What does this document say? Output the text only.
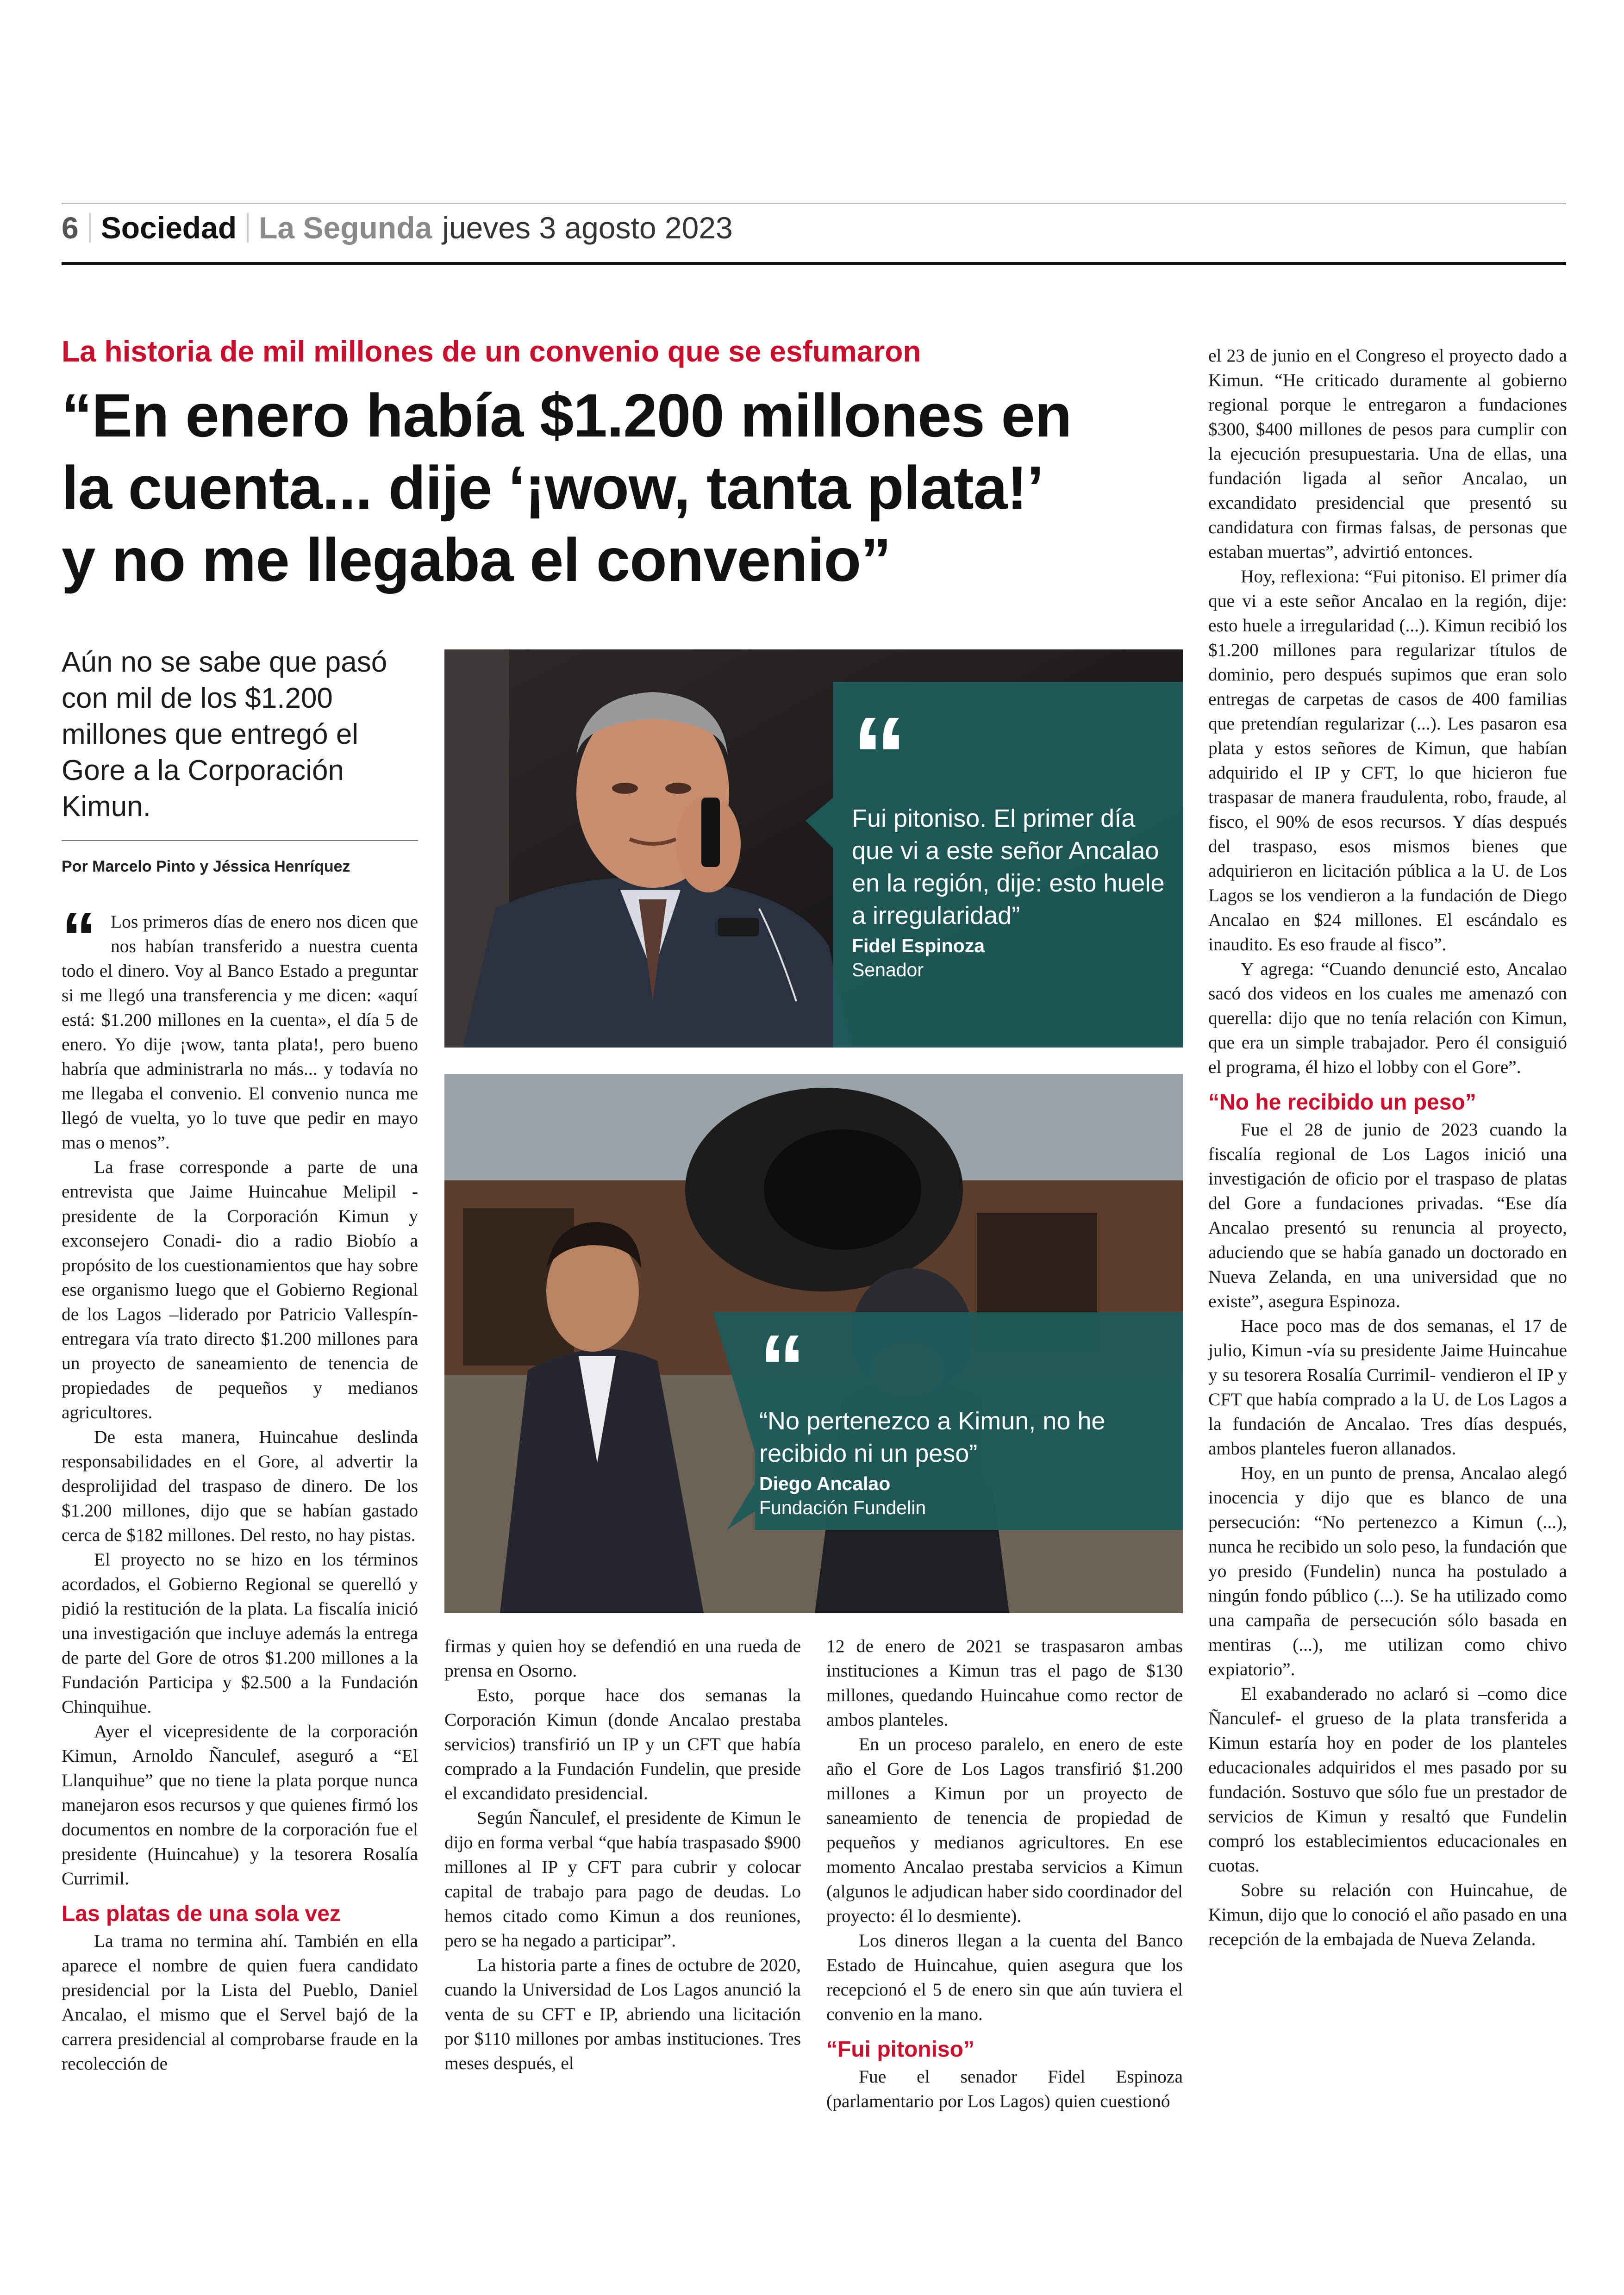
6 Sociedad La Segunda jueves 3 agosto 2023
La historia de mil millones de un convenio que se esfumaron
“En enero había $1.200 millones en
la cuenta... dije ‘¡wow, tanta plata!’
y no me llegaba el convenio”
Aún no se sabe que pasó con mil de los $1.200 millones que entregó el Gore a la Corporación Kimun.
Por Marcelo Pinto y Jéssica Henríquez
“ Los primeros días de enero nos dicen que nos habían transferido a nuestra cuenta todo el dinero. Voy al Banco Estado a preguntar si me llegó una transferencia y me dicen: «aquí está: $1.200 millones en la cuenta», el día 5 de enero. Yo dije ¡wow, tanta plata!, pero bueno habría que administrarla no más... y todavía no me llegaba el convenio. El convenio nunca me llegó de vuelta, yo lo tuve que pedir en mayo mas o menos”.

La frase corresponde a parte de una entrevista que Jaime Huincahue Melipil -presidente de la Corporación Kimun y exconsejero Conadi- dio a radio Biobío a propósito de los cuestionamientos que hay sobre ese organismo luego que el Gobierno Regional de los Lagos –liderado por Patricio Vallespín- entregara vía trato directo $1.200 millones para un proyecto de saneamiento de tenencia de propiedades de pequeños y medianos agricultores.

De esta manera, Huincahue deslinda responsabilidades en el Gore, al advertir la desprolijidad del traspaso de dinero. De los $1.200 millones, dijo que se habían gastado cerca de $182 millones. Del resto, no hay pistas.

El proyecto no se hizo en los términos acordados, el Gobierno Regional se querelló y pidió la restitución de la plata. La fiscalía inició una investigación que incluye además la entrega de parte del Gore de otros $1.200 millones a la Fundación Participa y $2.500 a la Fundación Chinquihue.

Ayer el vicepresidente de la corporación Kimun, Arnoldo Ñanculef, aseguró a “El Llanquihue” que no tiene la plata porque nunca manejaron esos recursos y que quienes firmó los documentos en nombre de la corporación fue el presidente (Huincahue) y la tesorera Rosalía Currimil.

Las platas de una sola vez

La trama no termina ahí. También en ella aparece el nombre de quien fuera candidato presidencial por la Lista del Pueblo, Daniel Ancalao, el mismo que el Servel bajó de la carrera presidencial al comprobarse fraude en la recolección de

“
Fui pitoniso. El primer día que vi a este señor Ancalao en la región, dije: esto huele a irregularidad”
Fidel Espinoza
Senador
“
“No pertenezco a Kimun, no he recibido ni un peso”
Diego Ancalao
Fundación Fundelin

firmas y quien hoy se defendió en una rueda de prensa en Osorno.

Esto, porque hace dos semanas la Corporación Kimun (donde Ancalao prestaba servicios) transfirió un IP y un CFT que había comprado a la Fundación Fundelin, que preside el excandidato presidencial.

Según Ñanculef, el presidente de Kimun le dijo en forma verbal “que había traspasado $900 millones al IP y CFT para cubrir y colocar capital de trabajo para pago de deudas. Lo hemos citado como Kimun a dos reuniones, pero se ha negado a participar”.

La historia parte a fines de octubre de 2020, cuando la Universidad de Los Lagos anunció la venta de su CFT e IP, abriendo una licitación por $110 millones por ambas instituciones. Tres meses después, el

12 de enero de 2021 se traspasaron ambas instituciones a Kimun tras el pago de $130 millones, quedando Huincahue como rector de ambos planteles.

En un proceso paralelo, en enero de este año el Gore de Los Lagos transfirió $1.200 millones a Kimun por un proyecto de saneamiento de tenencia de propiedad de pequeños y medianos agricultores. En ese momento Ancalao prestaba servicios a Kimun (algunos le adjudican haber sido coordinador del proyecto: él lo desmiente).

Los dineros llegan a la cuenta del Banco Estado de Huincahue, quien asegura que los recepcionó el 5 de enero sin que aún tuviera el convenio en la mano.

“Fui pitoniso”

Fue el senador Fidel Espinoza (parlamentario por Los Lagos) quien cuestionó

el 23 de junio en el Congreso el proyecto dado a Kimun. “He criticado duramente al gobierno regional porque le entregaron a fundaciones $300, $400 millones de pesos para cumplir con la ejecución presupuestaria. Una de ellas, una fundación ligada al señor Ancalao, un excandidato presidencial que presentó su candidatura con firmas falsas, de personas que estaban muertas”, advirtió entonces.

Hoy, reflexiona: “Fui pitoniso. El primer día que vi a este señor Ancalao en la región, dije: esto huele a irregularidad (...). Kimun recibió los $1.200 millones para regularizar títulos de dominio, pero después supimos que eran solo entregas de carpetas de casos de 400 familias que pretendían regularizar (...). Les pasaron esa plata y estos señores de Kimun, que habían adquirido el IP y CFT, lo que hicieron fue traspasar de manera fraudulenta, robo, fraude, al fisco, el 90% de esos recursos. Y días después del traspaso, esos mismos bienes que adquirieron en licitación pública a la U. de Los Lagos se los vendieron a la fundación de Diego Ancalao en $24 millones. El escándalo es inaudito. Es eso fraude al fisco”.

Y agrega: “Cuando denuncié esto, Ancalao sacó dos videos en los cuales me amenazó con querella: dijo que no tenía relación con Kimun, que era un simple trabajador. Pero él consiguió el programa, él hizo el lobby con el Gore”.

“No he recibido un peso”

Fue el 28 de junio de 2023 cuando la fiscalía regional de Los Lagos inició una investigación de oficio por el traspaso de platas del Gore a fundaciones privadas. “Ese día Ancalao presentó su renuncia al proyecto, aduciendo que se había ganado un doctorado en Nueva Zelanda, en una universidad que no existe”, asegura Espinoza.

Hace poco mas de dos semanas, el 17 de julio, Kimun -vía su presidente Jaime Huincahue y su tesorera Rosalía Currimil- vendieron el IP y CFT que había comprado a la U. de Los Lagos a la fundación de Ancalao. Tres días después, ambos planteles fueron allanados.

Hoy, en un punto de prensa, Ancalao alegó inocencia y dijo que es blanco de una persecución: “No pertenezco a Kimun (...), nunca he recibido un solo peso, la fundación que yo presido (Fundelin) nunca ha postulado a ningún fondo público (...). Se ha utilizado como una campaña de persecución sólo basada en mentiras (...), me utilizan como chivo expiatorio”.

El exabanderado no aclaró si –como dice Ñanculef- el grueso de la plata transferida a Kimun estaría hoy en poder de los planteles educacionales adquiridos el mes pasado por su fundación. Sostuvo que sólo fue un prestador de servicios de Kimun y resaltó que Fundelin compró los establecimientos educacionales en cuotas.

Sobre su relación con Huincahue, de Kimun, dijo que lo conoció el año pasado en una recepción de la embajada de Nueva Zelanda.
